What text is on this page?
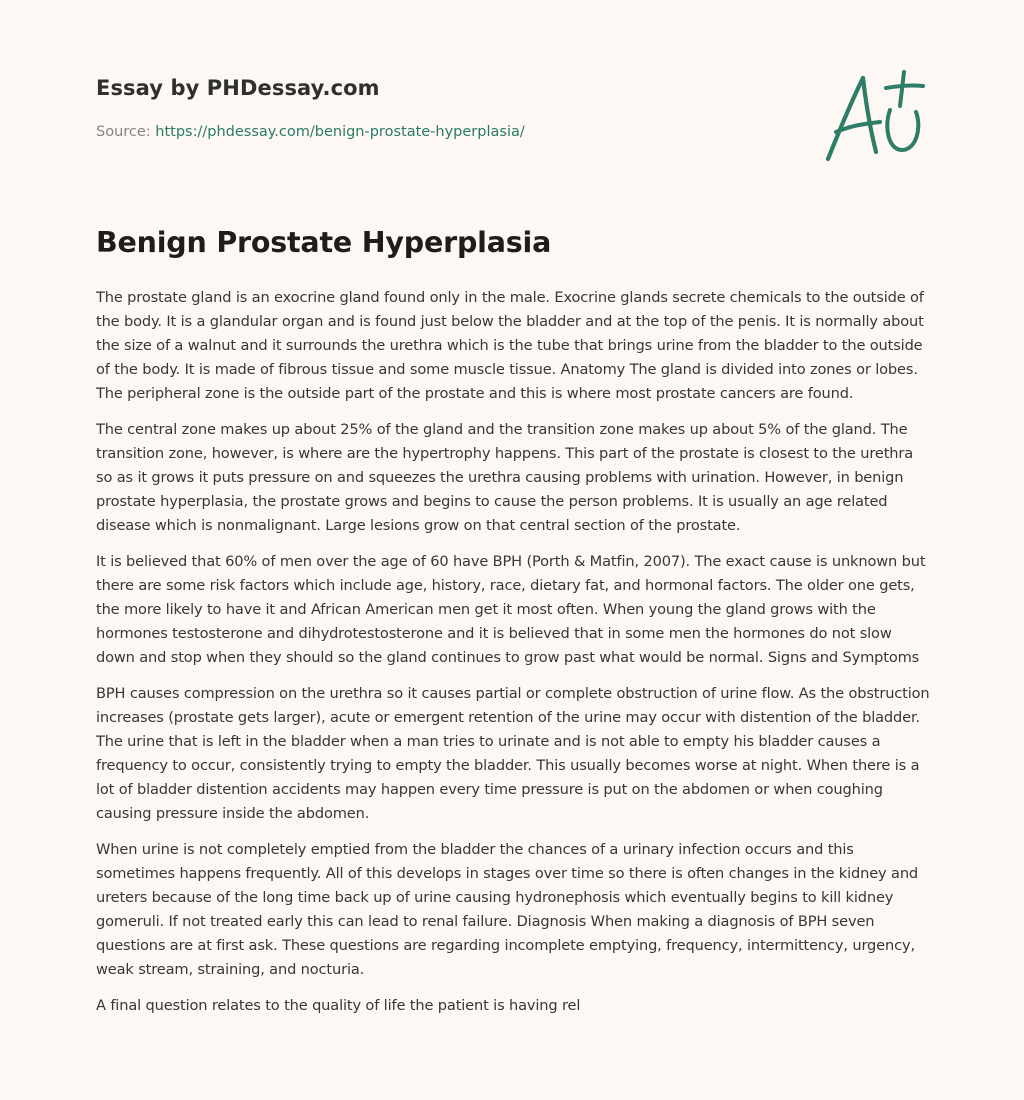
Essay by PHDessay.com

Source: https://phdessay.com/benign-prostate-hyperplasia/

Benign Prostate Hyperplasia

The prostate gland is an exocrine gland found only in the male. Exocrine glands secrete chemicals to the outside of the body. It is a glandular organ and is found just below the bladder and at the top of the penis. It is normally about the size of a walnut and it surrounds the urethra which is the tube that brings urine from the bladder to the outside of the body. It is made of fibrous tissue and some muscle tissue. Anatomy The gland is divided into zones or lobes. The peripheral zone is the outside part of the prostate and this is where most prostate cancers are found.

The central zone makes up about 25% of the gland and the transition zone makes up about 5% of the gland. The transition zone, however, is where are the hypertrophy happens. This part of the prostate is closest to the urethra so as it grows it puts pressure on and squeezes the urethra causing problems with urination. However, in benign prostate hyperplasia, the prostate grows and begins to cause the person problems. It is usually an age related disease which is nonmalignant. Large lesions grow on that central section of the prostate.

It is believed that 60% of men over the age of 60 have BPH (Porth & Matfin, 2007). The exact cause is unknown but there are some risk factors which include age, history, race, dietary fat, and hormonal factors. The older one gets, the more likely to have it and African American men get it most often. When young the gland grows with the hormones testosterone and dihydrotestosterone and it is believed that in some men the hormones do not slow down and stop when they should so the gland continues to grow past what would be normal. Signs and Symptoms

BPH causes compression on the urethra so it causes partial or complete obstruction of urine flow. As the obstruction increases (prostate gets larger), acute or emergent retention of the urine may occur with distention of the bladder. The urine that is left in the bladder when a man tries to urinate and is not able to empty his bladder causes a frequency to occur, consistently trying to empty the bladder. This usually becomes worse at night. When there is a lot of bladder distention accidents may happen every time pressure is put on the abdomen or when coughing causing pressure inside the abdomen.

When urine is not completely emptied from the bladder the chances of a urinary infection occurs and this sometimes happens frequently. All of this develops in stages over time so there is often changes in the kidney and ureters because of the long time back up of urine causing hydronephosis which eventually begins to kill kidney gomeruli. If not treated early this can lead to renal failure. Diagnosis When making a diagnosis of BPH seven questions are at first ask. These questions are regarding incomplete emptying, frequency, intermittency, urgency, weak stream, straining, and nocturia.

A final question relates to the quality of life the patient is having rel
